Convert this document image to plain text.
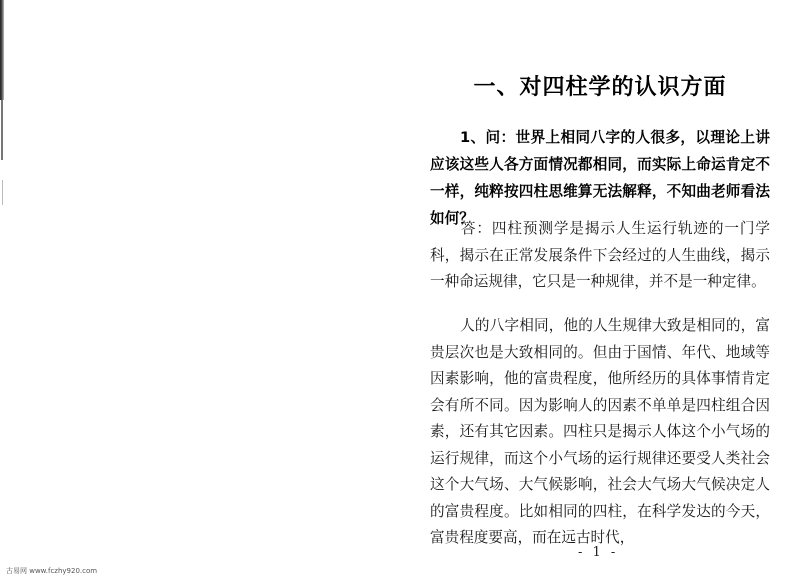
一、对四柱学的认识方面
1、问：世界上相同八字的人很多，以理论上讲应该这些人各方面情况都相同，而实际上命运肯定不一样，纯粹按四柱思维算无法解释，不知曲老师看法如何？
答：四柱预测学是揭示人生运行轨迹的一门学科，揭示在正常发展条件下会经过的人生曲线，揭示一种命运规律，它只是一种规律，并不是一种定律。
人的八字相同，他的人生规律大致是相同的，富贵层次也是大致相同的。但由于国情、年代、地域等因素影响，他的富贵程度，他所经历的具体事情肯定会有所不同。因为影响人的因素不单单是四柱组合因素，还有其它因素。四柱只是揭示人体这个小气场的运行规律，而这个小气场的运行规律还要受人类社会这个大气场、大气候影响，社会大气场大气候决定人的富贵程度。比如相同的四柱，在科学发达的今天，富贵程度要高，而在远古时代，
- 1 -
古易网 www.fczhy920.com
